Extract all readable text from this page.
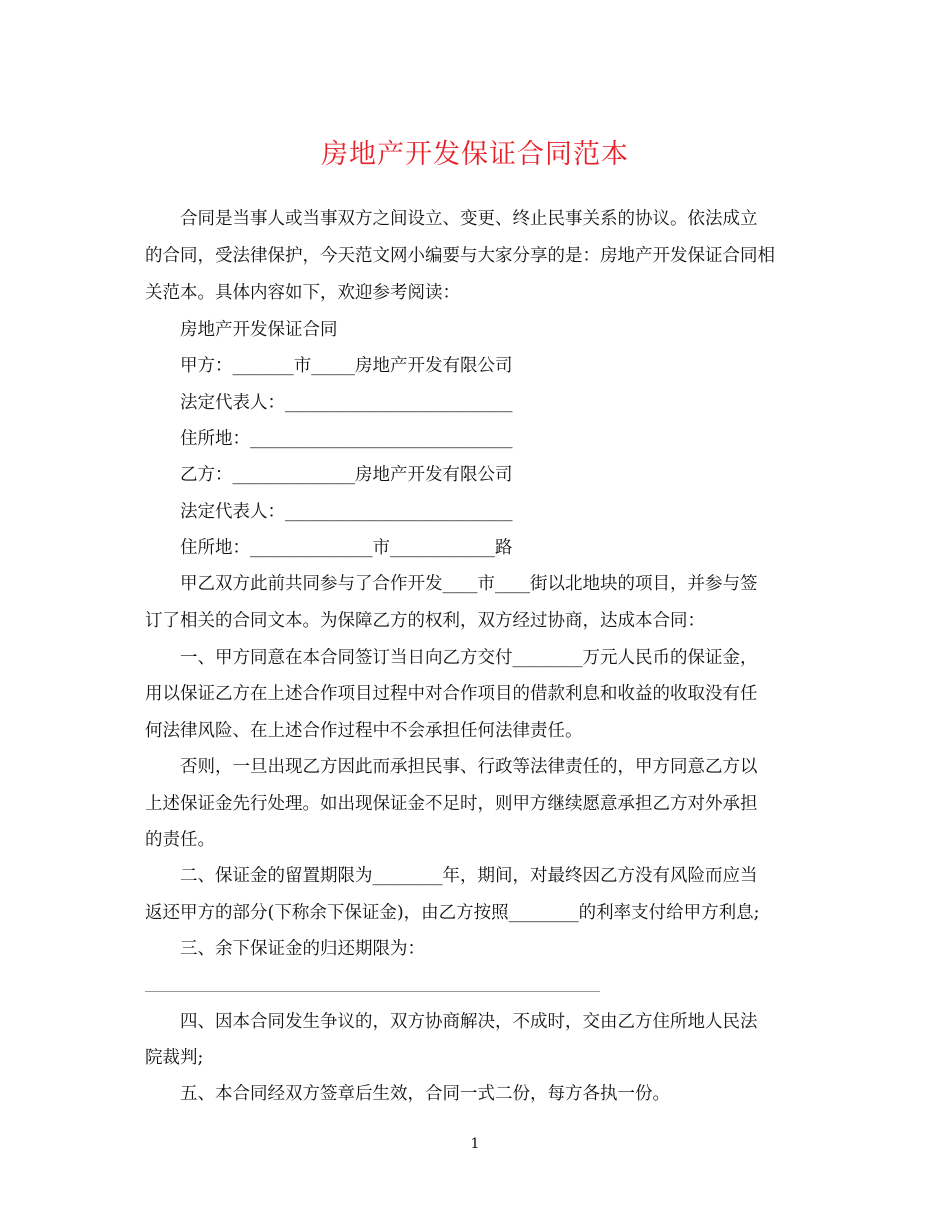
房地产开发保证合同范本
合同是当事人或当事双方之间设立、变更、终止民事关系的协议。依法成立
的合同，受法律保护，今天范文网小编要与大家分享的是：房地产开发保证合同相
关范本。具体内容如下，欢迎参考阅读：
房地产开发保证合同
甲方：_______市_____房地产开发有限公司
法定代表人：__________________________
住所地：______________________________
乙方：______________房地产开发有限公司
法定代表人：__________________________
住所地：______________市____________路
甲乙双方此前共同参与了合作开发____市____街以北地块的项目，并参与签
订了相关的合同文本。为保障乙方的权利，双方经过协商，达成本合同：
一、甲方同意在本合同签订当日向乙方交付________万元人民币的保证金，
用以保证乙方在上述合作项目过程中对合作项目的借款利息和收益的收取没有任
何法律风险、在上述合作过程中不会承担任何法律责任。
否则，一旦出现乙方因此而承担民事、行政等法律责任的，甲方同意乙方以
上述保证金先行处理。如出现保证金不足时，则甲方继续愿意承担乙方对外承担
的责任。
二、保证金的留置期限为________年，期间，对最终因乙方没有风险而应当
返还甲方的部分(下称余下保证金)，由乙方按照________的利率支付给甲方利息;
三、余下保证金的归还期限为：
四、因本合同发生争议的，双方协商解决，不成时，交由乙方住所地人民法
院裁判;
五、本合同经双方签章后生效，合同一式二份，每方各执一份。
1
